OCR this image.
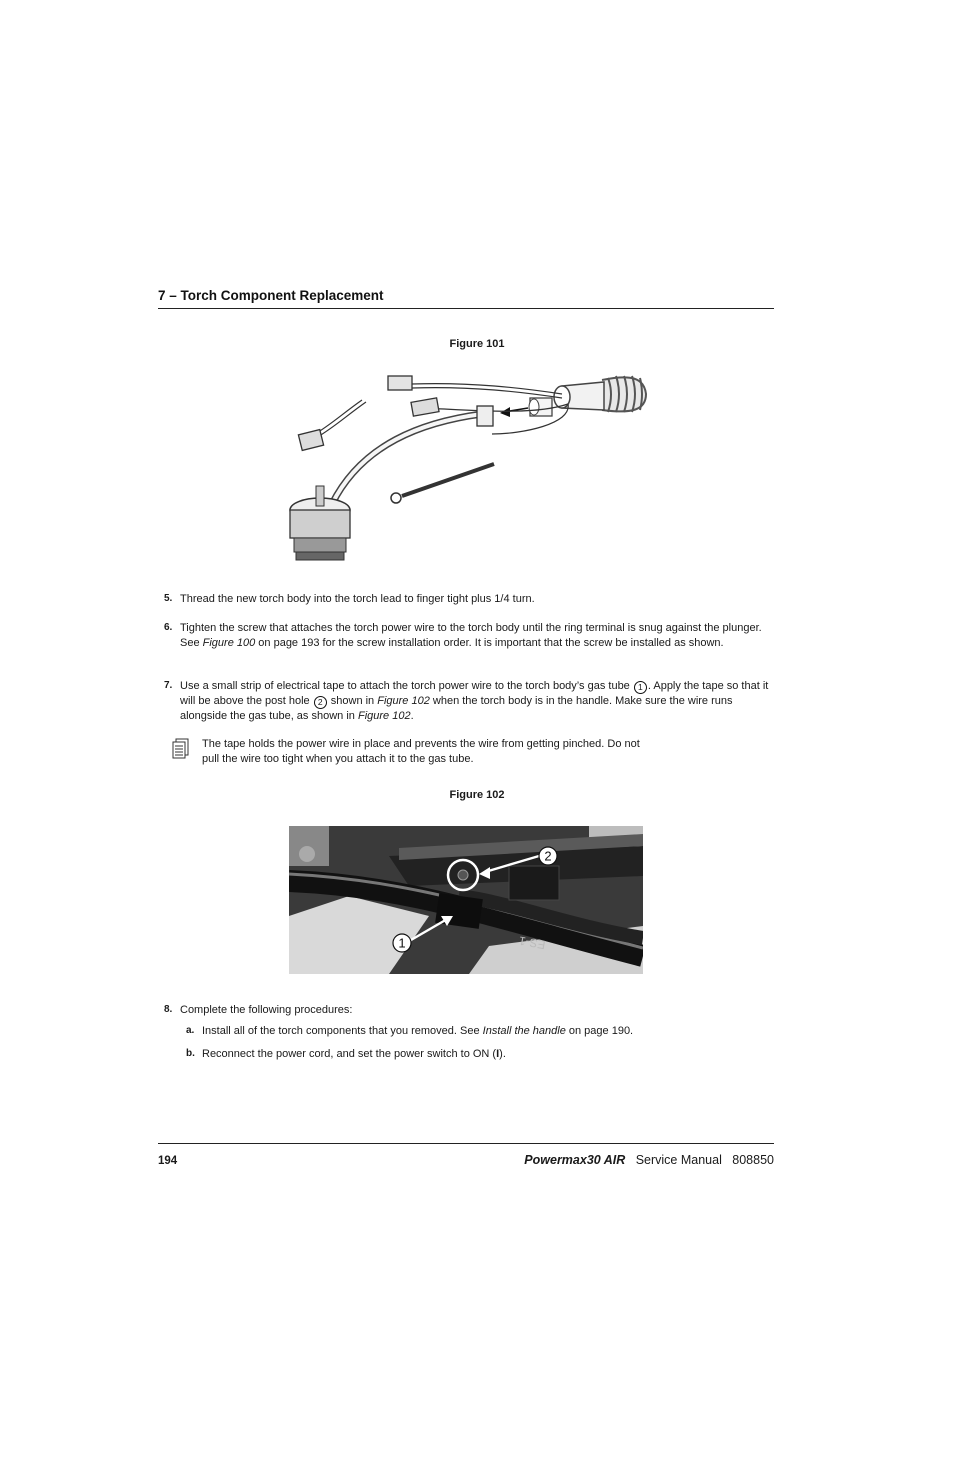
7 – Torch Component Replacement
Figure 101
5. Thread the new torch body into the torch lead to finger tight plus 1/4 turn.
6. Tighten the screw that attaches the torch power wire to the torch body until the ring terminal is snug against the plunger. See Figure 100 on page 193 for the screw installation order. It is important that the screw be installed as shown.
7. Use a small strip of electrical tape to attach the torch power wire to the torch body’s gas tube 1 . Apply the tape so that it will be above the post hole 2 shown in Figure 102 when the torch body is in the handle. Make sure the wire runs alongside the gas tube, as shown in Figure 102.
The tape holds the power wire in place and prevents the wire from getting pinched. Do not pull the wire too tight when you attach it to the gas tube.
Figure 102
ES-1
2
1
8. Complete the following procedures:
a. Install all of the torch components that you removed. See Install the handle on page 190.
b. Reconnect the power cord, and set the power switch to ON (I).
194	Powermax30 AIR Service Manual 808850
